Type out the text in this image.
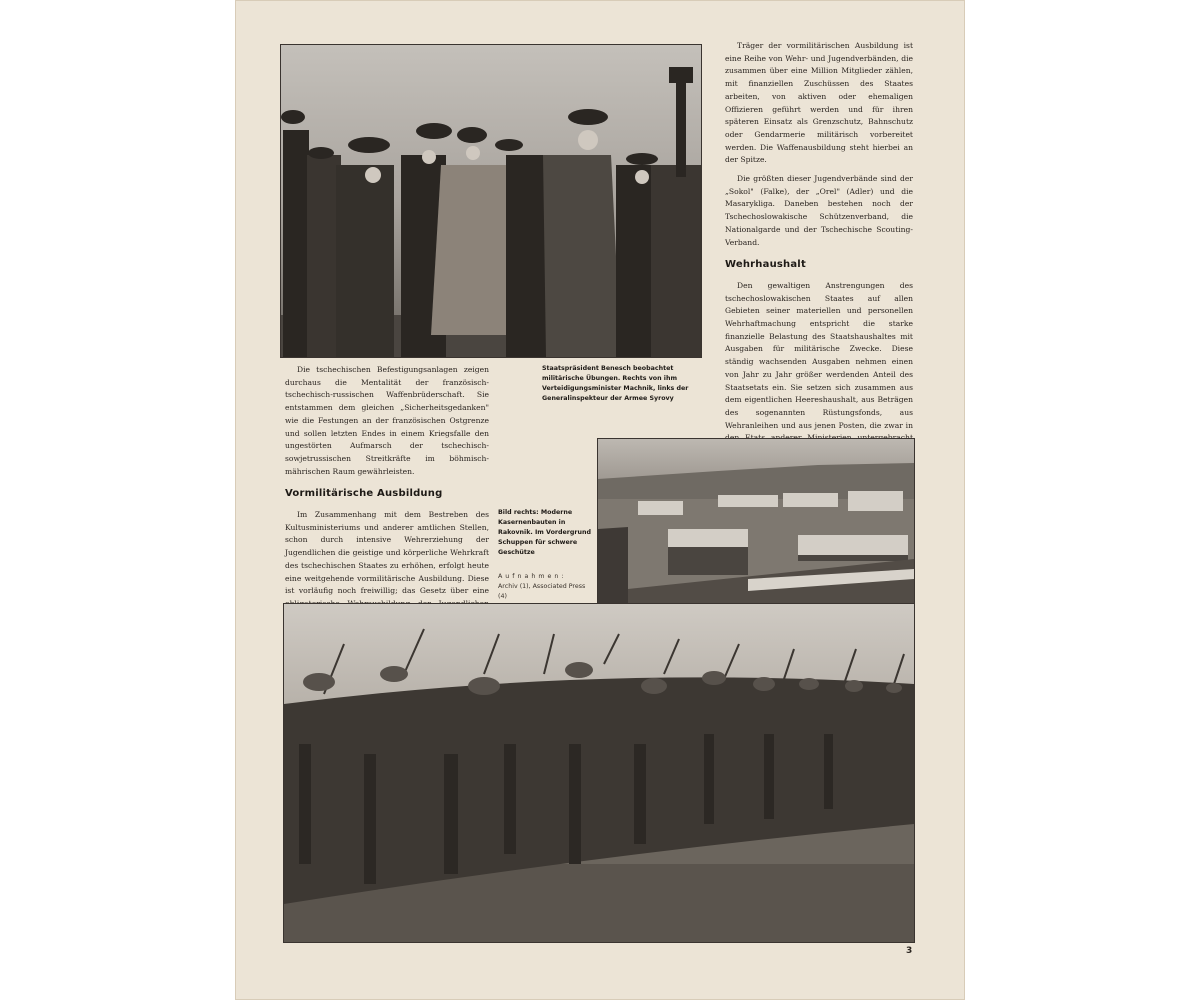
Träger der vormilitärischen Ausbildung ist eine Reihe von Wehr- und Jugendverbänden, die zusammen über eine Million Mitglieder zählen, mit finanziellen Zuschüssen des Staates arbeiten, von aktiven oder ehemaligen Offizieren geführt werden und für ihren späteren Einsatz als Grenzschutz, Bahnschutz oder Gendarmerie militärisch vorbereitet werden. Die Waffenausbildung steht hierbei an der Spitze.

Die größten dieser Jugendverbände sind der „Sokol" (Falke), der „Orel" (Adler) und die Masarykliga. Daneben bestehen noch der Tschechoslowakische Schützenverband, die Nationalgarde und der Tschechische Scouting-Verband.

Wehrhaushalt

Den gewaltigen Anstrengungen des tschechoslowakischen Staates auf allen Gebieten seiner materiellen und personellen Wehrhaftmachung entspricht die starke finanzielle Belastung des Staatshaushaltes mit Ausgaben für militärische Zwecke. Diese ständig wachsenden Ausgaben nehmen einen von Jahr zu Jahr größer werdenden Anteil des Staatsetats ein. Sie setzen sich zusammen aus dem eigentlichen Heereshaushalt, aus Beträgen des sogenannten Rüstungsfonds, aus Wehranleihen und aus jenen Posten, die zwar in

Die tschechischen Befestigungsanlagen zeigen durchaus die Mentalität der französisch-tschechisch-russischen Waffenbrüderschaft. Sie entstammen dem gleichen „Sicherheitsgedanken" wie die Festungen an der französischen Ostgrenze und sollen letzten Endes in einem Kriegsfalle den ungestörten Aufmarsch der tschechisch-sowjetrussischen Streitkräfte im böhmisch-mährischen Raum gewährleisten.

Vormilitärische Ausbildung

Im Zusammenhang mit dem Bestreben des Kultusministeriums und anderer amtlichen Stellen, schon durch intensive Wehrerziehung der Jugendlichen die geistige und körperliche Wehrkraft des tschechischen Staates zu erhöhen, erfolgt heute eine weitgehende vormilitärische Ausbildung. Diese ist vorläufig noch freiwillig; das Gesetz über eine

Staatspräsident Benesch beobachtet militärische Übungen. Rechts von ihm Verteidigungsminister Machnik, links der Generalinspekteur der Armee Syrovy
Bild rechts: Moderne Kasernenbauten in Rakovnik. Im Vordergrund Schuppen für schwere Geschütze
Aufnahmen:
Archiv (1), Associated Press (4)
3
